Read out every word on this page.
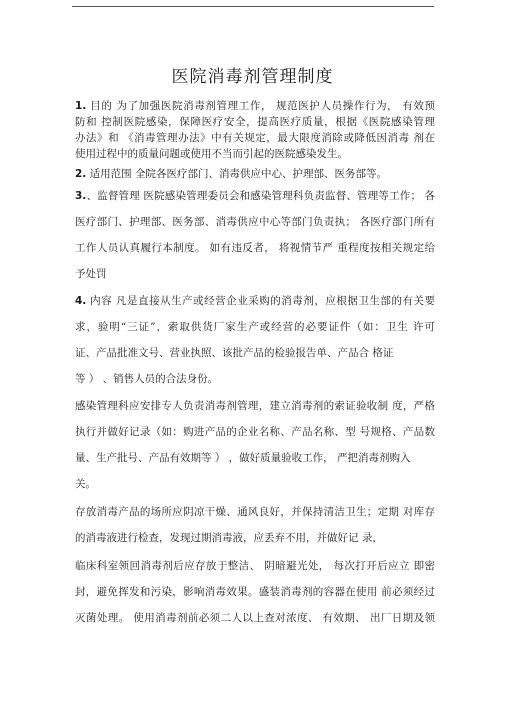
医院消毒剂管理制度
1. 目的 为了加强医院消毒剂管理工作， 规范医护人员操作行为， 有效预
防和 控制医院感染，保障医疗安全，提高医疗质量，根据《医院感染管理
办法》和 《消毒管理办法》中有关规定，最大限度消除或降低因消毒 剂在
使用过程中的质量问题或使用不当而引起的医院感染发生。
2. 适用范围 全院各医疗部门、消毒供应中心、护理部、医务部等。
3.、监督管理 医院感染管理委员会和感染管理科负责监督、管理等工作； 各
医疗部门、护理部、医务部、消毒供应中心等部门负责执； 各医疗部门所有
工作人员认真履行本制度。 如有违反者， 将视情节严 重程度按相关规定给
予处罚
4. 内容 凡是直接从生产或经营企业采购的消毒剂，应根据卫生部的有关要
求，验明“三证”，索取供货厂家生产或经营的必要证件（如：卫生 许可
证、产品批准文号、营业执照、该批产品的检验报告单、产品合 格证
等 ） 、销售人员的合法身份。
感染管理科应安排专人负责消毒剂管理，建立消毒剂的索证验收制 度，严格
执行并做好记录（如：购进产品的企业名称、产品名称、型 号规格、产品数
量、生产批号、产品有效期等 ） ，做好质量验收工作， 严把消毒剂购入
关。
存放消毒产品的场所应阴凉干燥、通风良好，并保持清洁卫生；定期 对库存
的消毒液进行检查，发现过期消毒液，应丢弃不用，并做好记 录，
临床科室领回消毒剂后应存放于整洁、 阴暗避光处， 每次打开后应立 即密
封，避免挥发和污染，影响消毒效果。盛装消毒剂的容器在使用 前必须经过
灭菌处理。 使用消毒剂前必须二人以上查对浓度、 有效期、 出厂日期及领
